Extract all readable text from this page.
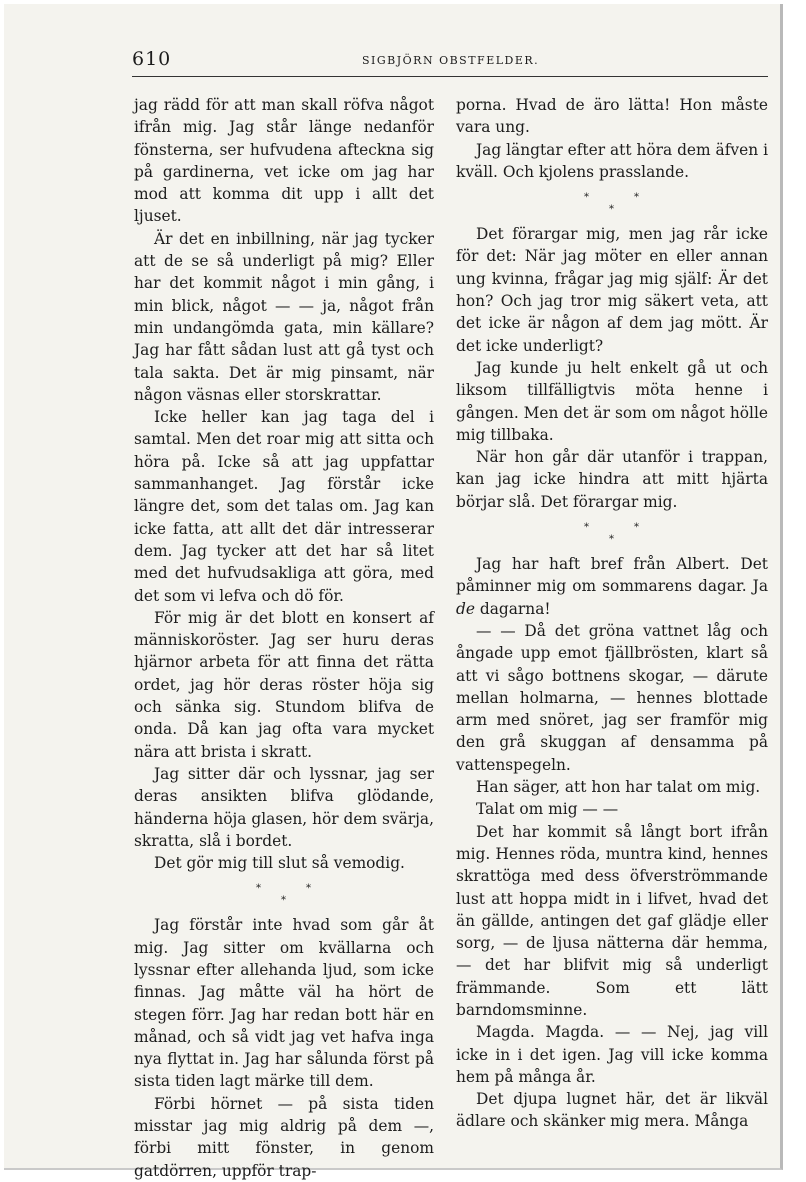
610	SIGBJÖRN OBSTFELDER.

jag rädd för att man skall röfva något ifrån mig. Jag står länge nedanför fönsterna, ser hufvudena afteckna sig på gardinerna, vet icke om jag har mod att komma dit upp i allt det ljuset.

Är det en inbillning, när jag tycker att de se så underligt på mig? Eller har det kommit något i min gång, i min blick, något — — ja, något från min undangömda gata, min källare? Jag har fått sådan lust att gå tyst och tala sakta. Det är mig pinsamt, när någon väsnas eller storskrattar.

Icke heller kan jag taga del i samtal. Men det roar mig att sitta och höra på. Icke så att jag uppfattar sammanhanget. Jag förstår icke längre det, som det talas om. Jag kan icke fatta, att allt det där intresserar dem. Jag tycker att det har så litet med det hufvudsakliga att göra, med det som vi lefva och dö för.

För mig är det blott en konsert af människoröster. Jag ser huru deras hjärnor arbeta för att finna det rätta ordet, jag hör deras röster höja sig och sänka sig. Stundom blifva de onda. Då kan jag ofta vara mycket nära att brista i skratt.

Jag sitter där och lyssnar, jag ser deras ansikten blifva glödande, händerna höja glasen, hör dem svärja, skratta, slå i bordet.

Det gör mig till slut så vemodig.

*	*
*

Jag förstår inte hvad som går åt mig. Jag sitter om kvällarna och lyssnar efter allehanda ljud, som icke finnas. Jag måtte väl ha hört de stegen förr. Jag har redan bott här en månad, och så vidt jag vet hafva inga nya flyttat in. Jag har sålunda först på sista tiden lagt märke till dem.

Förbi hörnet — på sista tiden misstar jag mig aldrig på dem —, förbi mitt fönster, in genom gatdörren, uppför trap-

porna. Hvad de äro lätta! Hon måste vara ung.

Jag längtar efter att höra dem äfven i kväll. Och kjolens prasslande.

*	*
*

Det förargar mig, men jag rår icke för det: När jag möter en eller annan ung kvinna, frågar jag mig själf: Är det hon? Och jag tror mig säkert veta, att det icke är någon af dem jag mött. Är det icke underligt?

Jag kunde ju helt enkelt gå ut och liksom tillfälligtvis möta henne i gången. Men det är som om något hölle mig tillbaka.

När hon går där utanför i trappan, kan jag icke hindra att mitt hjärta börjar slå. Det förargar mig.

*	*
*

Jag har haft bref från Albert. Det påminner mig om sommarens dagar. Ja de dagarna!

— — Då det gröna vattnet låg och ångade upp emot fjällbrösten, klart så att vi sågo bottnens skogar, — därute mellan holmarna, — hennes blottade arm med snöret, jag ser framför mig den grå skuggan af densamma på vattenspegeln.

Han säger, att hon har talat om mig.

Talat om mig — —

Det har kommit så långt bort ifrån mig. Hennes röda, muntra kind, hennes skrattöga med dess öfverströmmande lust att hoppa midt in i lifvet, hvad det än gällde, antingen det gaf glädje eller sorg, — de ljusa nätterna där hemma, — det har blifvit mig så underligt främmande. Som ett lätt barndomsminne.

Magda. Magda. — — Nej, jag vill icke in i det igen. Jag vill icke komma hem på många år.

Det djupa lugnet här, det är likväl ädlare och skänker mig mera. Många
